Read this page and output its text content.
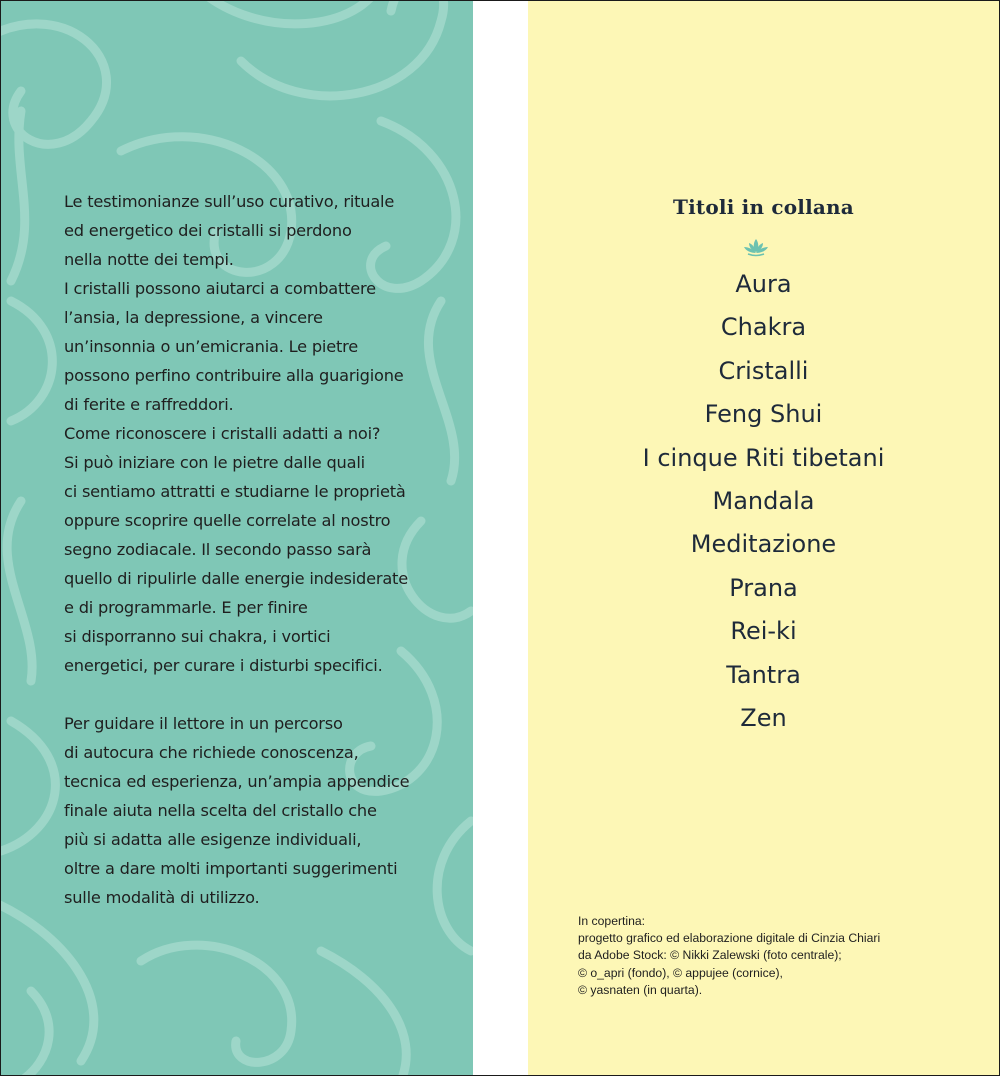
Le testimonianze sull’uso curativo, rituale
ed energetico dei cristalli si perdono
nella notte dei tempi.
I cristalli possono aiutarci a combattere
l’ansia, la depressione, a vincere
un’insonnia o un’emicrania. Le pietre
possono perfino contribuire alla guarigione
di ferite e raffreddori.
Come riconoscere i cristalli adatti a noi?
Si può iniziare con le pietre dalle quali
ci sentiamo attratti e studiarne le proprietà
oppure scoprire quelle correlate al nostro
segno zodiacale. Il secondo passo sarà
quello di ripulirle dalle energie indesiderate
e di programmarle. E per finire
si disporranno sui chakra, i vortici
energetici, per curare i disturbi specifici.
Per guidare il lettore in un percorso
di autocura che richiede conoscenza,
tecnica ed esperienza, un’ampia appendice
finale aiuta nella scelta del cristallo che
più si adatta alle esigenze individuali,
oltre a dare molti importanti suggerimenti
sulle modalità di utilizzo.
Titoli in collana
Aura
Chakra
Cristalli
Feng Shui
I cinque Riti tibetani
Mandala
Meditazione
Prana
Rei-ki
Tantra
Zen
In copertina:
progetto grafico ed elaborazione digitale di Cinzia Chiari
da Adobe Stock: © Nikki Zalewski (foto centrale);
© o_apri (fondo), © appujee (cornice),
© yasnaten (in quarta).
